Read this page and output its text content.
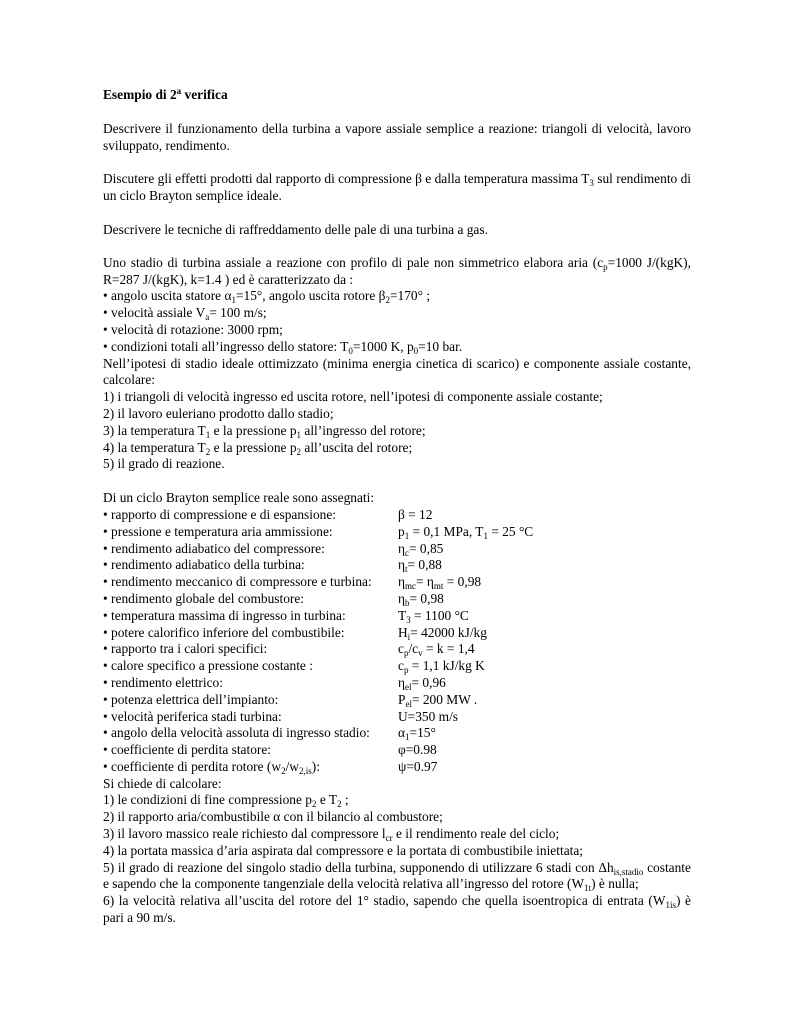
Esempio di 2$^a$ verifica

Descrivere il funzionamento della turbina a vapore assiale semplice a reazione: triangoli di velocità, lavoro sviluppato, rendimento.

Discutere gli effetti prodotti dal rapporto di compressione β e dalla temperatura massima $T_3$ sul rendimento di un ciclo Brayton semplice ideale.

Descrivere le tecniche di raffreddamento delle pale di una turbina a gas.

Uno stadio di turbina assiale a reazione con profilo di pale non simmetrico elabora aria ($c_p=1000$ J/(kgK), R=287 J/(kgK), k=1.4 ) ed è caratterizzato da :

• angolo uscita statore $\alpha_1=15^\circ$, angolo uscita rotore $\beta_2=170^\circ$ ;

• velocità assiale $V_a= 100$ m/s;

• velocità di rotazione: 3000 rpm;

• condizioni totali all’ingresso dello statore: $T_0=1000$ K, $p_0=10$ bar.

Nell’ipotesi di stadio ideale ottimizzato (minima energia cinetica di scarico) e componente assiale costante, calcolare:

1) i triangoli di velocità ingresso ed uscita rotore, nell’ipotesi di componente assiale costante;

2) il lavoro euleriano prodotto dallo stadio;

3) la temperatura $T_1$ e la pressione $p_1$ all’ingresso del rotore;

4) la temperatura $T_2$ e la pressione $p_2$ all’uscita del rotore;

5) il grado di reazione.

Di un ciclo Brayton semplice reale sono assegnati:

• rapporto di compressione e di espansione:	β = 12
• pressione e temperatura aria ammissione:	$p_1 = 0,1$ MPa, $T_1 = 25$ °C
• rendimento adiabatico del compressore:	$\eta_c= 0,85$
• rendimento adiabatico della turbina:	$\eta_t= 0,88$
• rendimento meccanico di compressore e turbina:	$\eta_{mc}= \eta_{mt} = 0,98$
• rendimento globale del combustore:	$\eta_b= 0,98$
• temperatura massima di ingresso in turbina:	$T_3 = 1100$ °C
• potere calorifico inferiore del combustibile:	$H_i= 42000$ kJ/kg
• rapporto tra i calori specifici:	$c_p/c_v = k = 1,4$
• calore specifico a pressione costante :	$c_p = 1,1$ kJ/kg K
• rendimento elettrico:	$\eta_{el}= 0,96$
• potenza elettrica dell’impianto:	$P_{el}= 200$ MW .
• velocità periferica stadi turbina:	U=350 m/s
• angolo della velocità assoluta di ingresso stadio:	$\alpha_1=15^\circ$
• coefficiente di perdita statore:	φ=0.98
• coefficiente di perdita rotore $(w_2/w_{2,is})$:	ψ=0.97

Si chiede di calcolare:

1) le condizioni di fine compressione $p_2$ e $T_2$ ;

2) il rapporto aria/combustibile α con il bilancio al combustore;

3) il lavoro massico reale richiesto dal compressore $l_{cr}$ e il rendimento reale del ciclo;

4) la portata massica d’aria aspirata dal compressore e la portata di combustibile iniettata;

5) il grado di reazione del singolo stadio della turbina, supponendo di utilizzare 6 stadi con $\Delta h_{is,stadio}$ costante e sapendo che la componente tangenziale della velocità relativa all’ingresso del rotore $(W_{1t})$ è nulla;

6) la velocità relativa all’uscita del rotore del 1° stadio, sapendo che quella isoentropica di entrata $(W_{1is})$ è pari a 90 m/s.
